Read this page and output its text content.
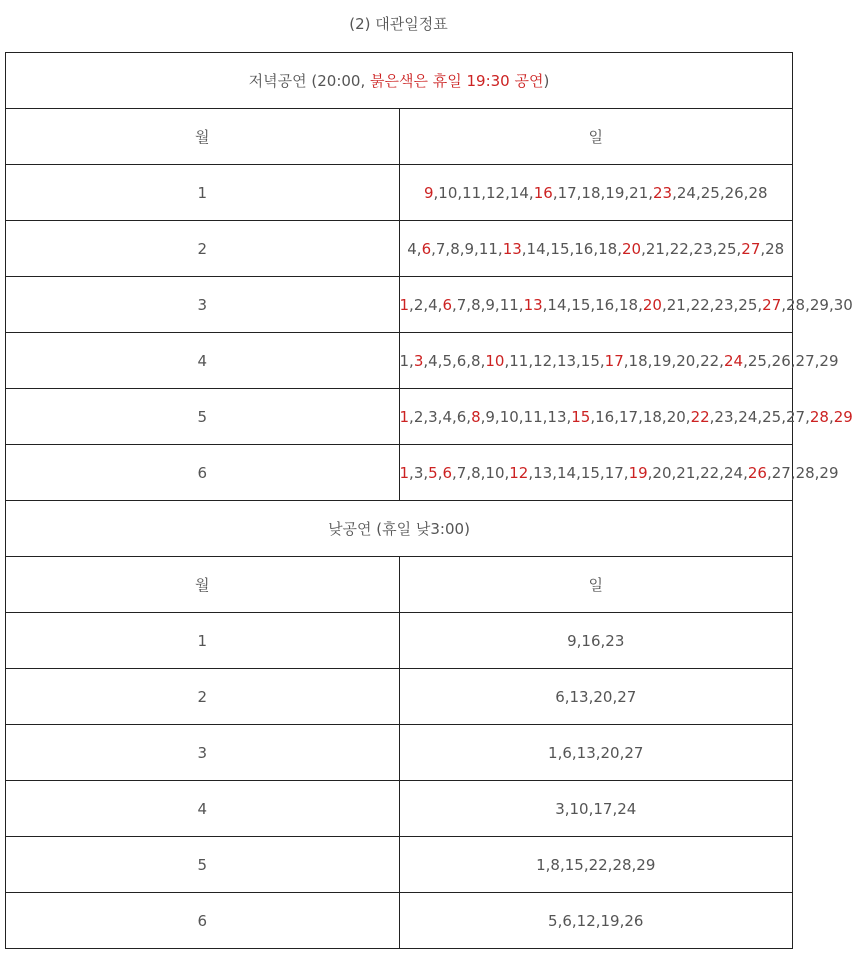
(2) 대관일정표
저녁공연 (20:00, 붉은색은 휴일 19:30 공연)	
월	일
1	9,10,11,12,14,16,17,18,19,21,23,24,25,26,28
2	4,6,7,8,9,11,13,14,15,16,18,20,21,22,23,25,27,28
3	1,2,4,6,7,8,9,11,13,14,15,16,18,20,21,22,23,25,27,28,29,30
4	1,3,4,5,6,8,10,11,12,13,15,17,18,19,20,22,24,25,26,27,29
5	1,2,3,4,6,8,9,10,11,13,15,16,17,18,20,22,23,24,25,27,28,29
6	1,3,5,6,7,8,10,12,13,14,15,17,19,20,21,22,24,26,27,28,29
낮공연 (휴일 낮3:00)	
월	일
1	9,16,23
2	6,13,20,27
3	1,6,13,20,27
4	3,10,17,24
5	1,8,15,22,28,29
6	5,6,12,19,26
